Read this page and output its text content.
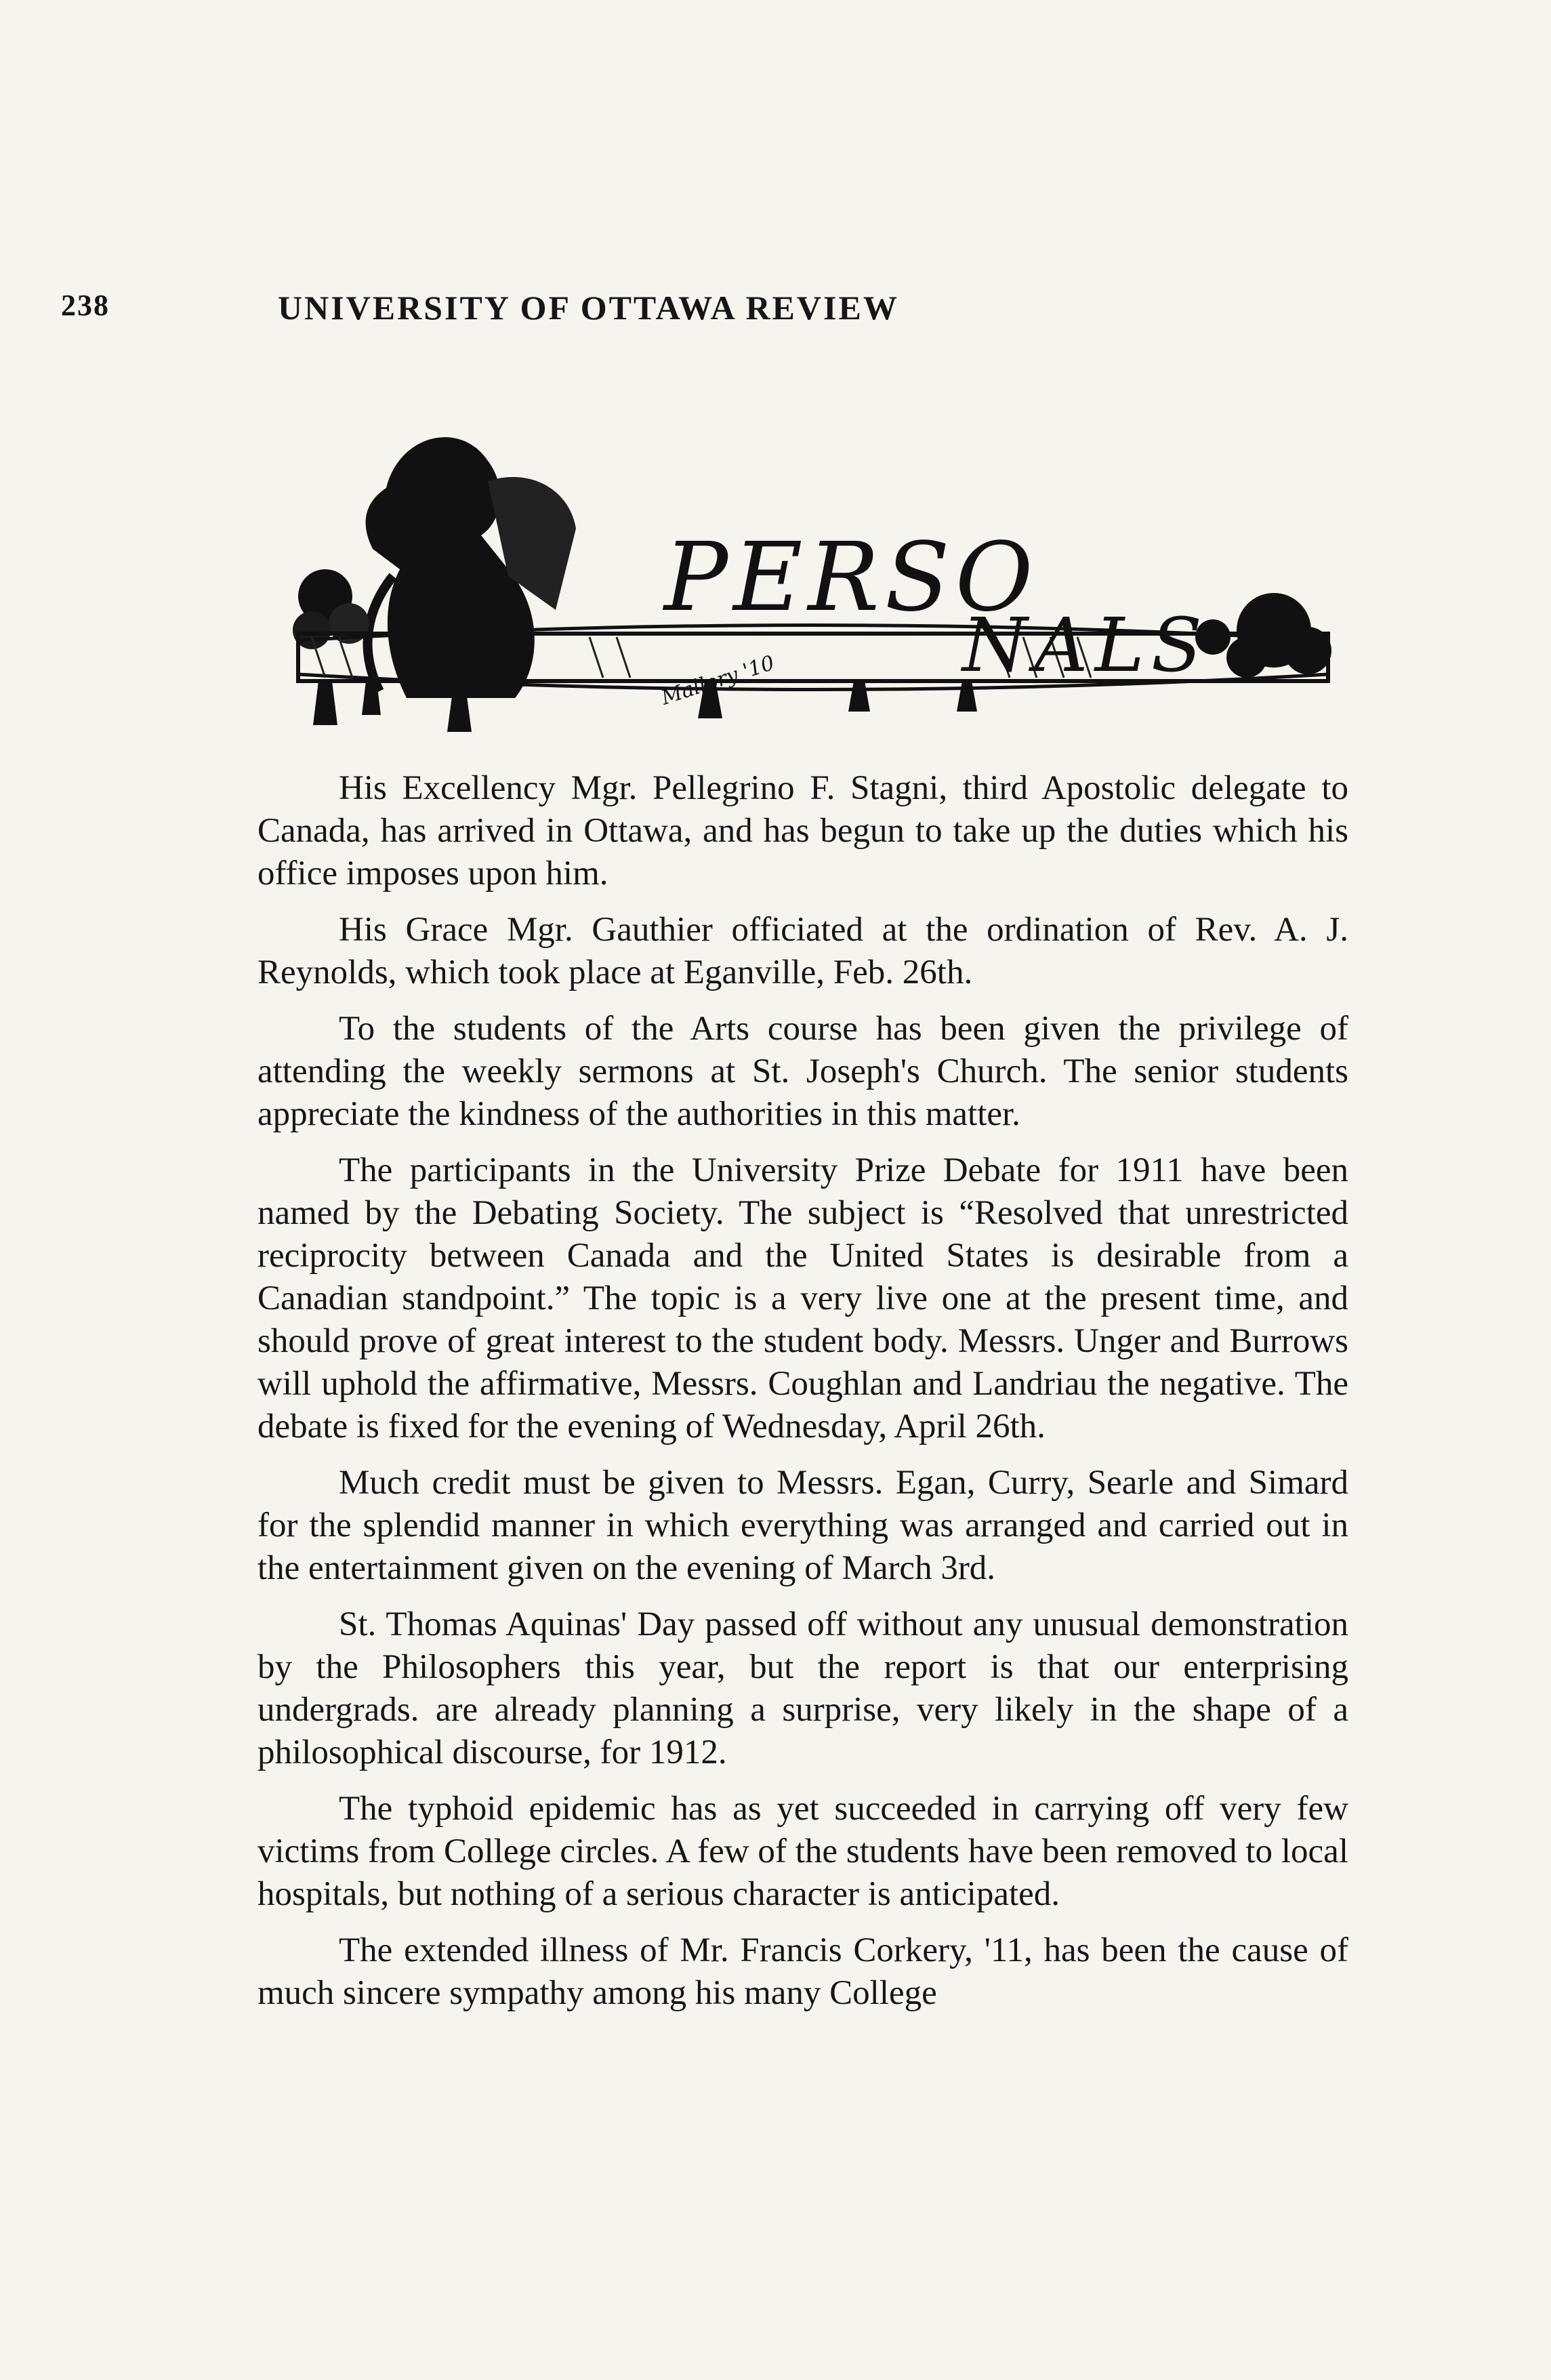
238	UNIVERSITY OF OTTAWA REVIEW
PERSO
NALS
Mallory '10

His Excellency Mgr. Pellegrino F. Stagni, third Apostolic delegate to Canada, has arrived in Ottawa, and has begun to take up the duties which his office imposes upon him.

His Grace Mgr. Gauthier officiated at the ordination of Rev. A. J. Reynolds, which took place at Eganville, Feb. 26th.

To the students of the Arts course has been given the privilege of attending the weekly sermons at St. Joseph's Church. The senior students appreciate the kindness of the authorities in this matter.

The participants in the University Prize Debate for 1911 have been named by the Debating Society. The subject is “Resolved that unrestricted reciprocity between Canada and the United States is desirable from a Canadian standpoint.” The topic is a very live one at the present time, and should prove of great interest to the student body. Messrs. Unger and Burrows will uphold the affirmative, Messrs. Coughlan and Landriau the negative. The debate is fixed for the evening of Wednesday, April 26th.

Much credit must be given to Messrs. Egan, Curry, Searle and Simard for the splendid manner in which everything was arranged and carried out in the entertainment given on the evening of March 3rd.

St. Thomas Aquinas' Day passed off without any unusual demonstration by the Philosophers this year, but the report is that our enterprising undergrads. are already planning a surprise, very likely in the shape of a philosophical discourse, for 1912.

The typhoid epidemic has as yet succeeded in carrying off very few victims from College circles. A few of the students have been removed to local hospitals, but nothing of a serious character is anticipated.

The extended illness of Mr. Francis Corkery, '11, has been the cause of much sincere sympathy among his many College
